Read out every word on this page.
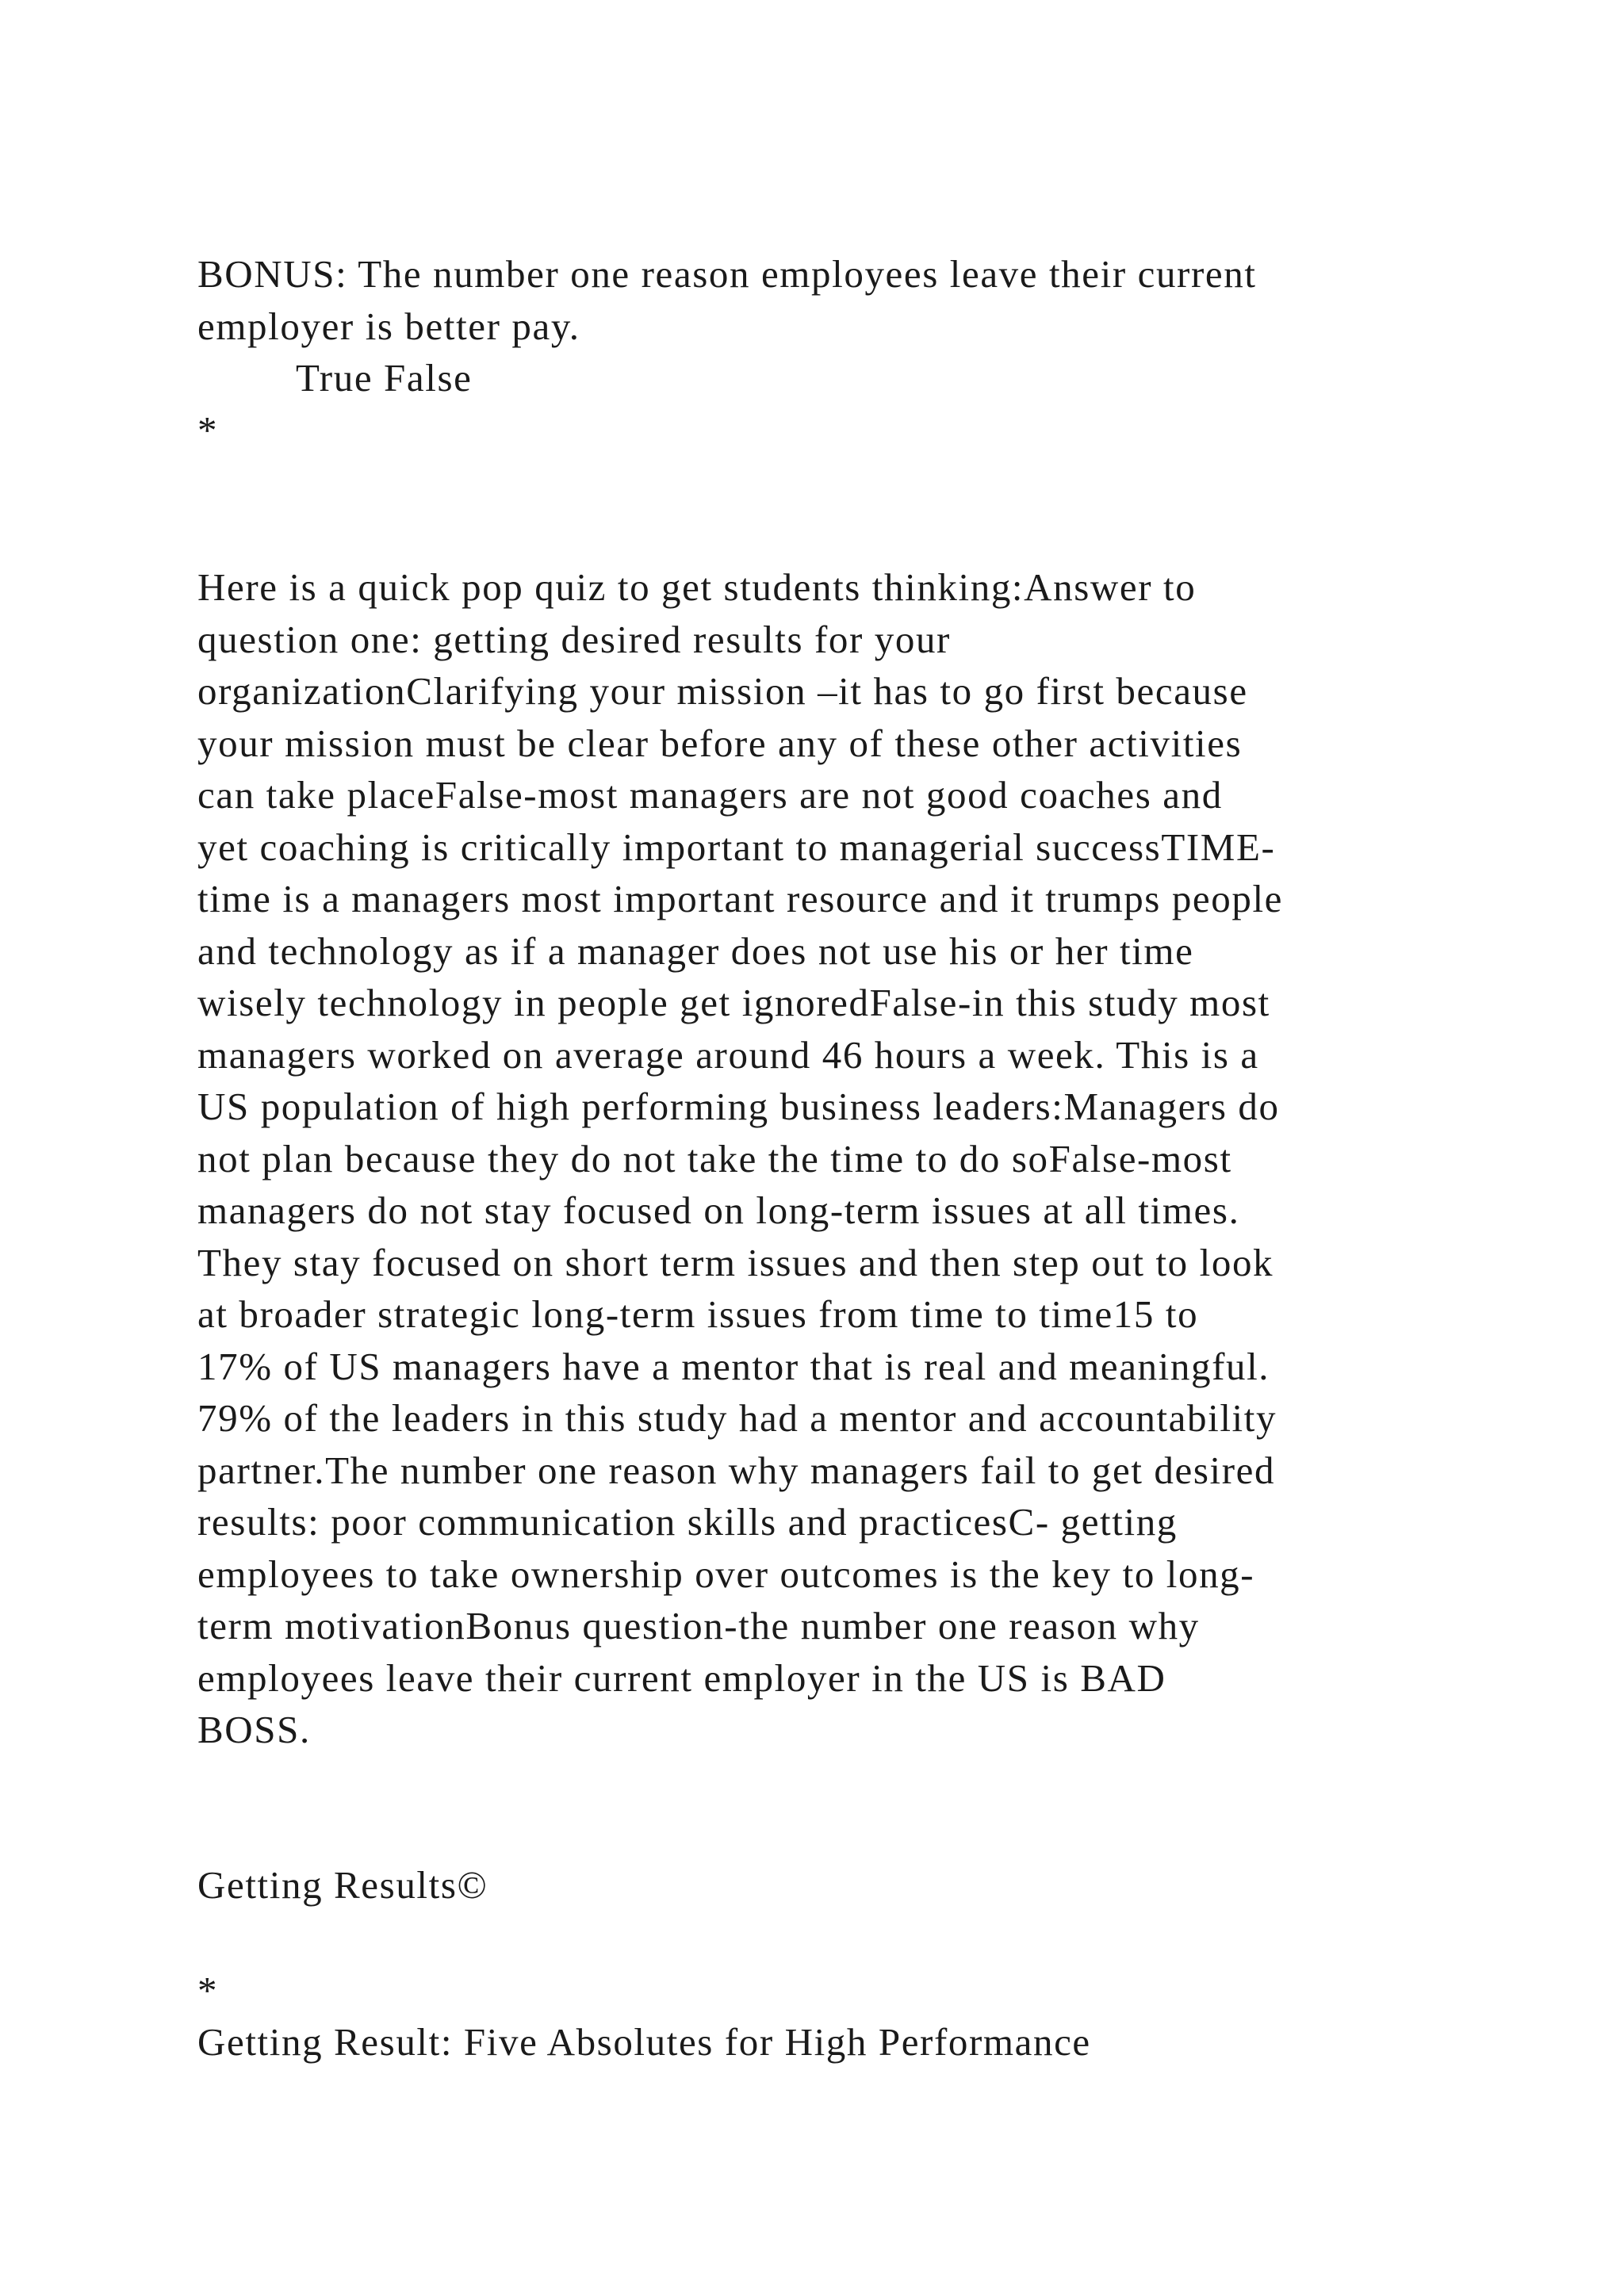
BONUS: The number one reason employees leave their current
employer is better pay.
True False
*
Here is a quick pop quiz to get students thinking:Answer to
question one: getting desired results for your
organizationClarifying your mission –it has to go first because
your mission must be clear before any of these other activities
can take placeFalse-most managers are not good coaches and
yet coaching is critically important to managerial successTIME-
time is a managers most important resource and it trumps people
and technology as if a manager does not use his or her time
wisely technology in people get ignoredFalse-in this study most
managers worked on average around 46 hours a week. This is a
US population of high performing business leaders:Managers do
not plan because they do not take the time to do soFalse-most
managers do not stay focused on long-term issues at all times.
They stay focused on short term issues and then step out to look
at broader strategic long-term issues from time to time15 to
17% of US managers have a mentor that is real and meaningful.
79% of the leaders in this study had a mentor and accountability
partner.The number one reason why managers fail to get desired
results: poor communication skills and practicesC- getting
employees to take ownership over outcomes is the key to long-
term motivationBonus question-the number one reason why
employees leave their current employer in the US is BAD
BOSS.
Getting Results©
*
Getting Result: Five Absolutes for High Performance
